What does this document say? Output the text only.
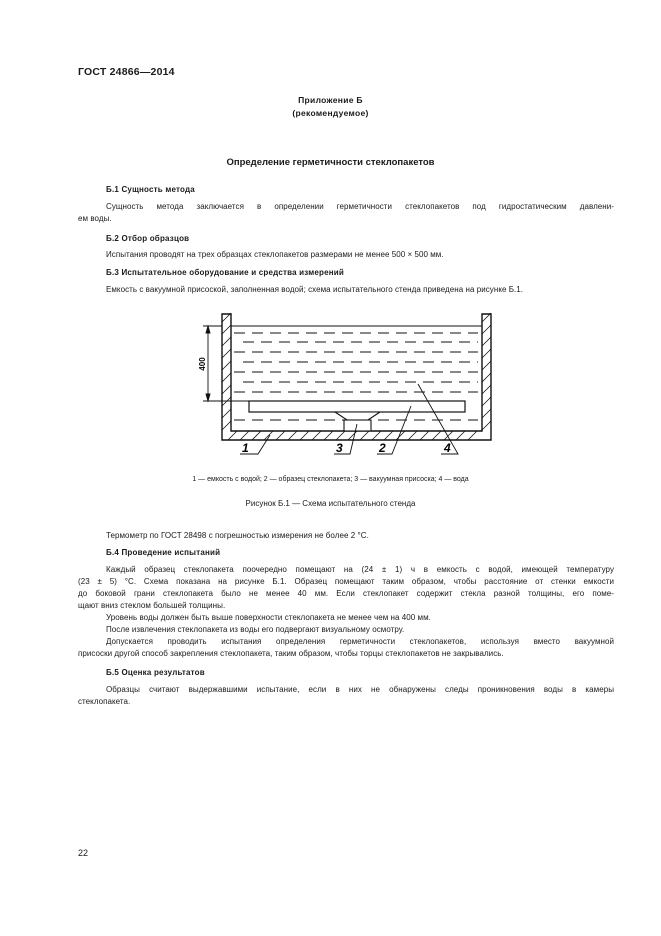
ГОСТ 24866—2014
Приложение Б
(рекомендуемое)
Определение герметичности стеклопакетов
Б.1 Сущность метода
Сущность метода заключается в определении герметичности стеклопакетов под гидростатическим давлени-
ем воды.
Б.2 Отбор образцов
Испытания проводят на трех образцах стеклопакетов размерами не менее 500 × 500 мм.
Б.3 Испытательное оборудование и средства измерений
Емкость с вакуумной присоской, заполненная водой; схема испытательного стенда приведена на рисунке Б.1.
400
1	2
3	4
1 — емкость с водой; 2 — образец стеклопакета; 3 — вакуумная присоска; 4 — вода
Рисунок Б.1 — Схема испытательного стенда
Термометр по ГОСТ 28498 с погрешностью измерения не более 2 °С.
Б.4 Проведение испытаний
Каждый образец стеклопакета поочередно помещают на (24 ± 1) ч в емкость с водой, имеющей температуру
(23 ± 5) °С. Схема показана на рисунке Б.1. Образец помещают таким образом, чтобы расстояние от стенки емкости
до боковой грани стеклопакета было не менее 40 мм. Если стеклопакет содержит стекла разной толщины, его поме-
щают вниз стеклом большей толщины.
Уровень воды должен быть выше поверхности стеклопакета не менее чем на 400 мм.
После извлечения стеклопакета из воды его подвергают визуальному осмотру.
Допускается проводить испытания определения герметичности стеклопакетов, используя вместо вакуумной
присоски другой способ закрепления стеклопакета, таким образом, чтобы торцы стеклопакетов не закрывались.
Б.5 Оценка результатов
Образцы считают выдержавшими испытание, если в них не обнаружены следы проникновения воды в камеры
стеклопакета.
22
